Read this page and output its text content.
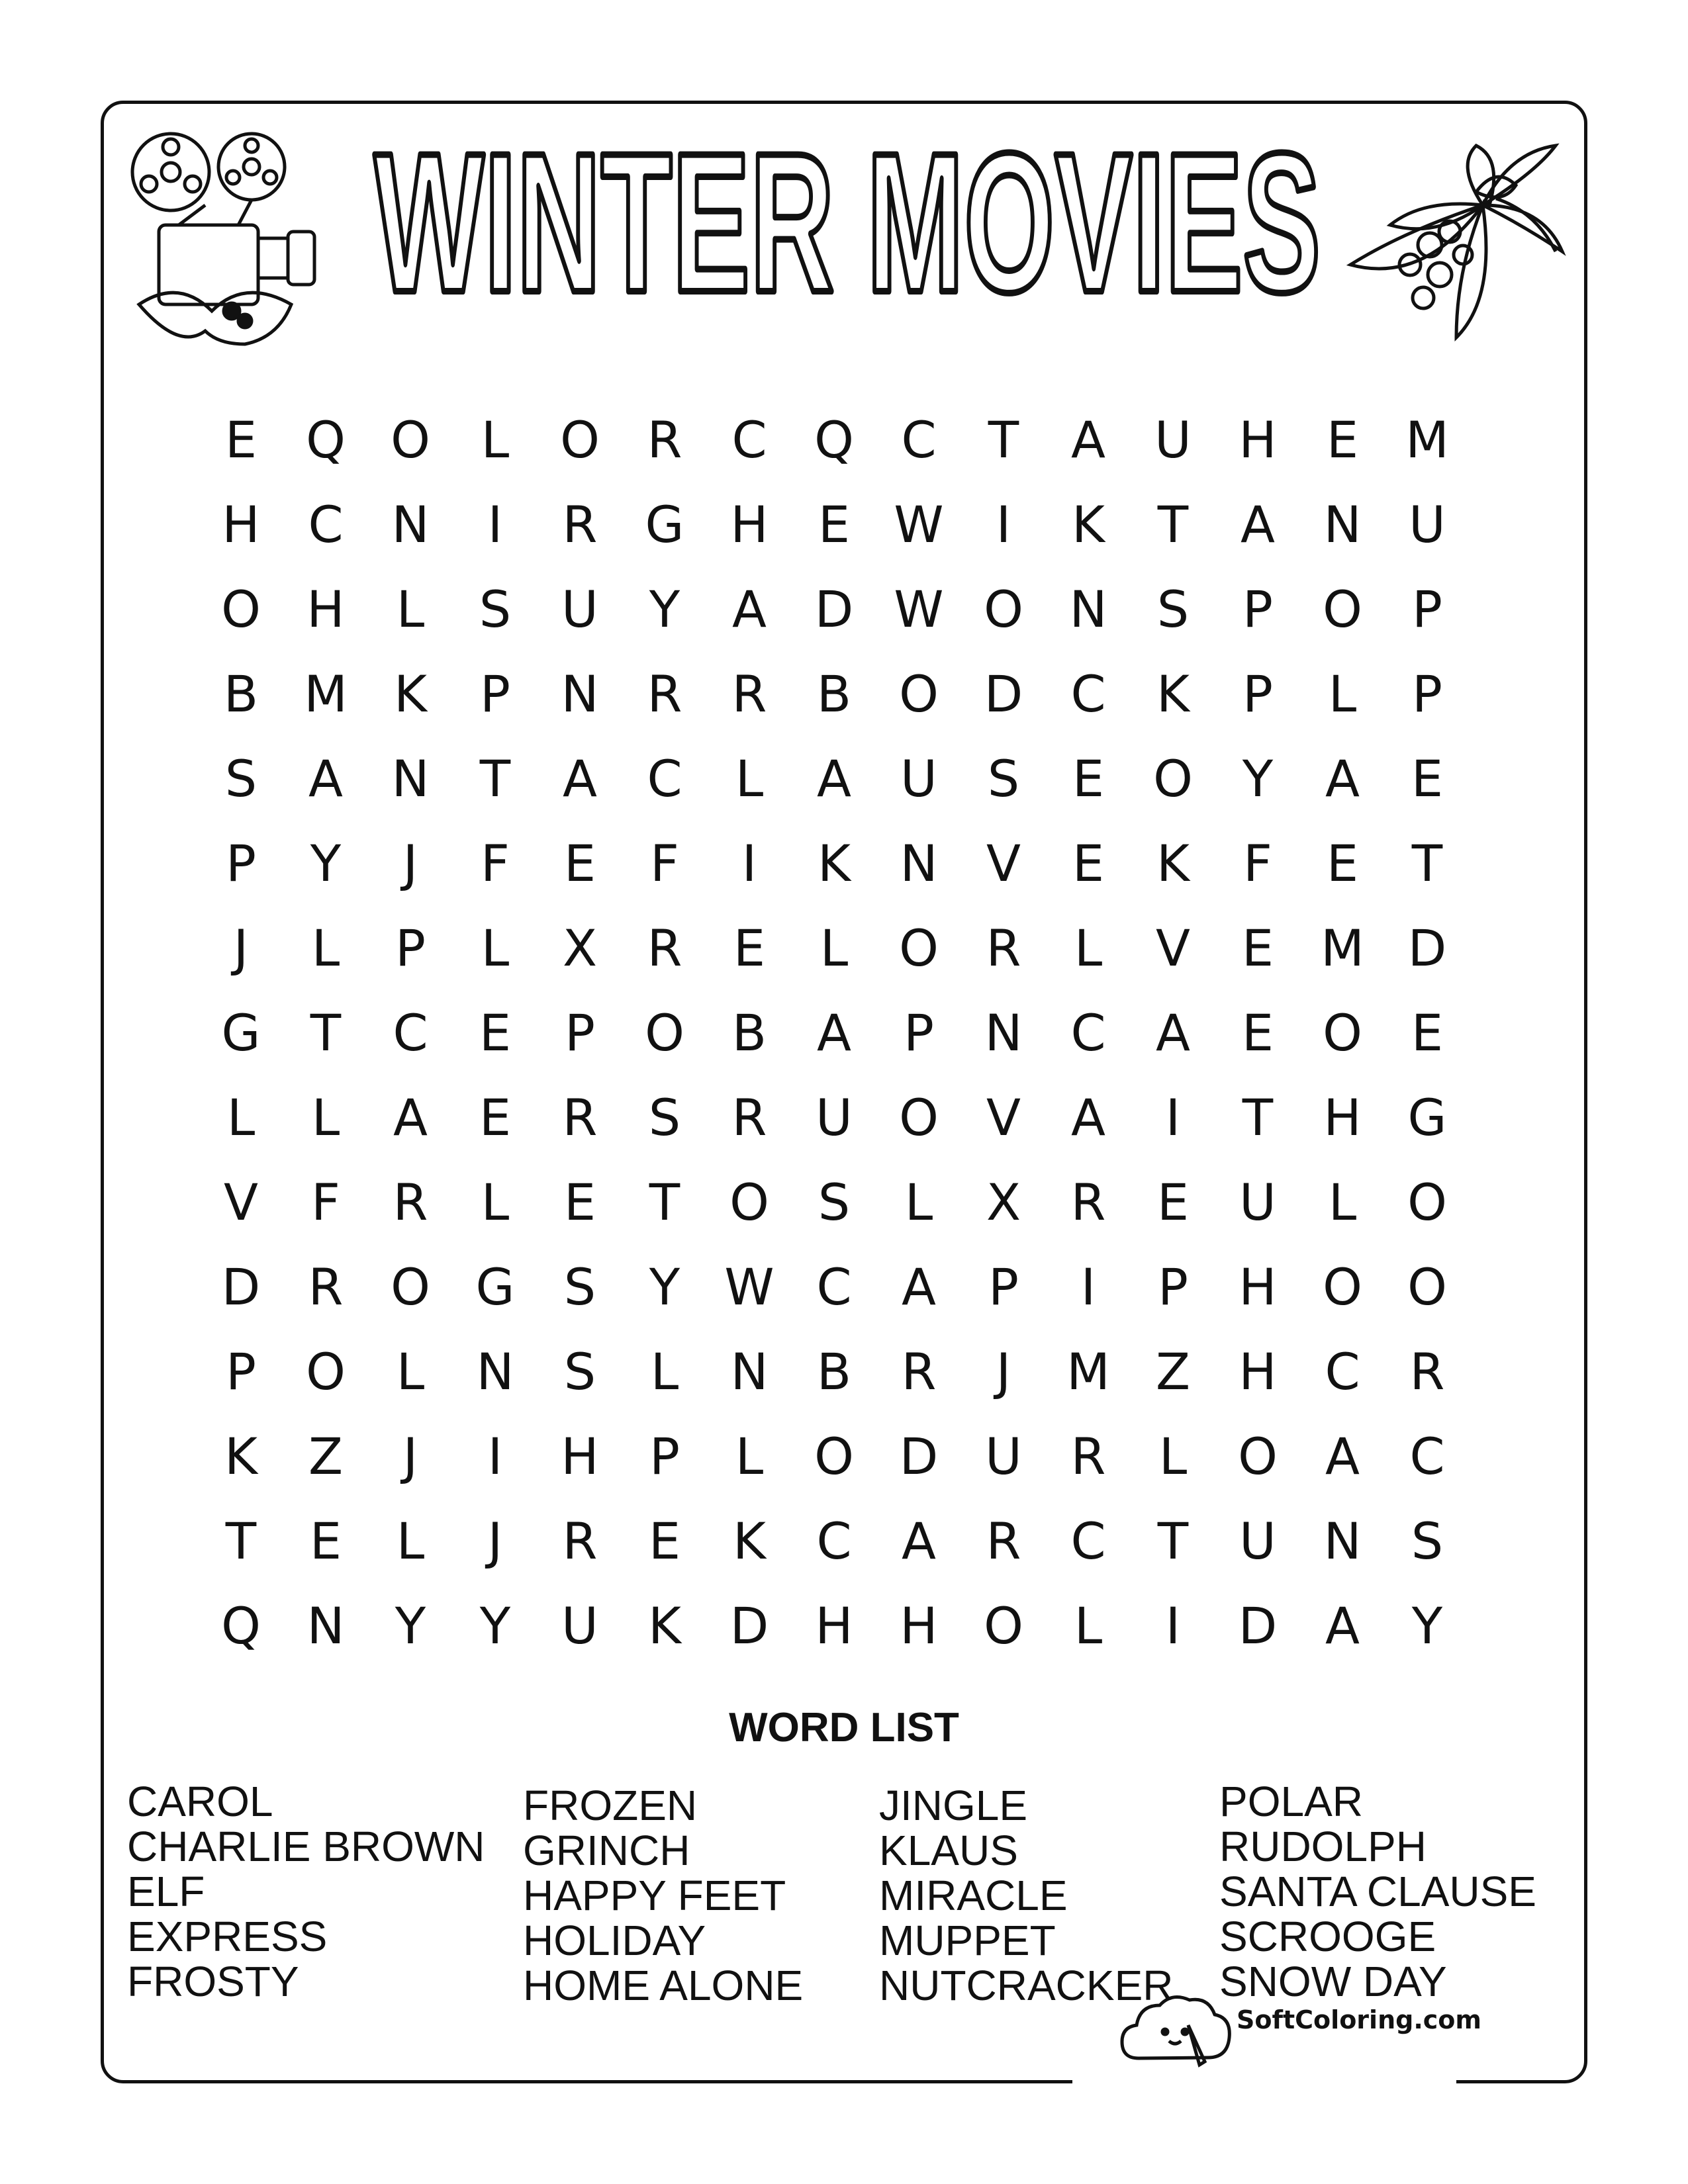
WINTER MOVIES
E Q O	L	O R C Q C	T	A U H E M
H C N	I	R G H E W	I	K	T	A N U
O H	L	S	U	Y	A D W O N S	P O P
B M K	P	N R R B O D C	K	P	L	P
S	A N	T	A C	L	A U	S	E O Y	A	E
P	Y	J	F	E	F	I	K N V	E	K	F	E	T
J	L	P	L	X R	E	L	O R	L	V	E M D
G T	C	E	P O B A	P	N C A	E O E
L	L	A	E	R	S	R U O V	A	I	T	H G
V	F	R	L	E	T O S	L	X R	E	U	L	O
D R O G S	Y W C A	P	I	P	H O O
P O	L	N S	L	N B R	J	M Z H C R
K	Z	J	I	H	P	L	O D U R	L	O A C
T	E	L	J	R	E	K	C A R C	T	U N S
Q N	Y	Y	U K D H H O	L	I	D A	Y
WORD LIST
CAROL
CHARLIE BROWN
ELF
EXPRESS
FROSTY
FROZEN
GRINCH
HAPPY FEET
HOLIDAY
HOME ALONE
JINGLE
KLAUS
MIRACLE
MUPPET
NUTCRACKER
POLAR
RUDOLPH
SANTA CLAUSE
SCROOGE
SNOW DAY
SoftColoring.com
